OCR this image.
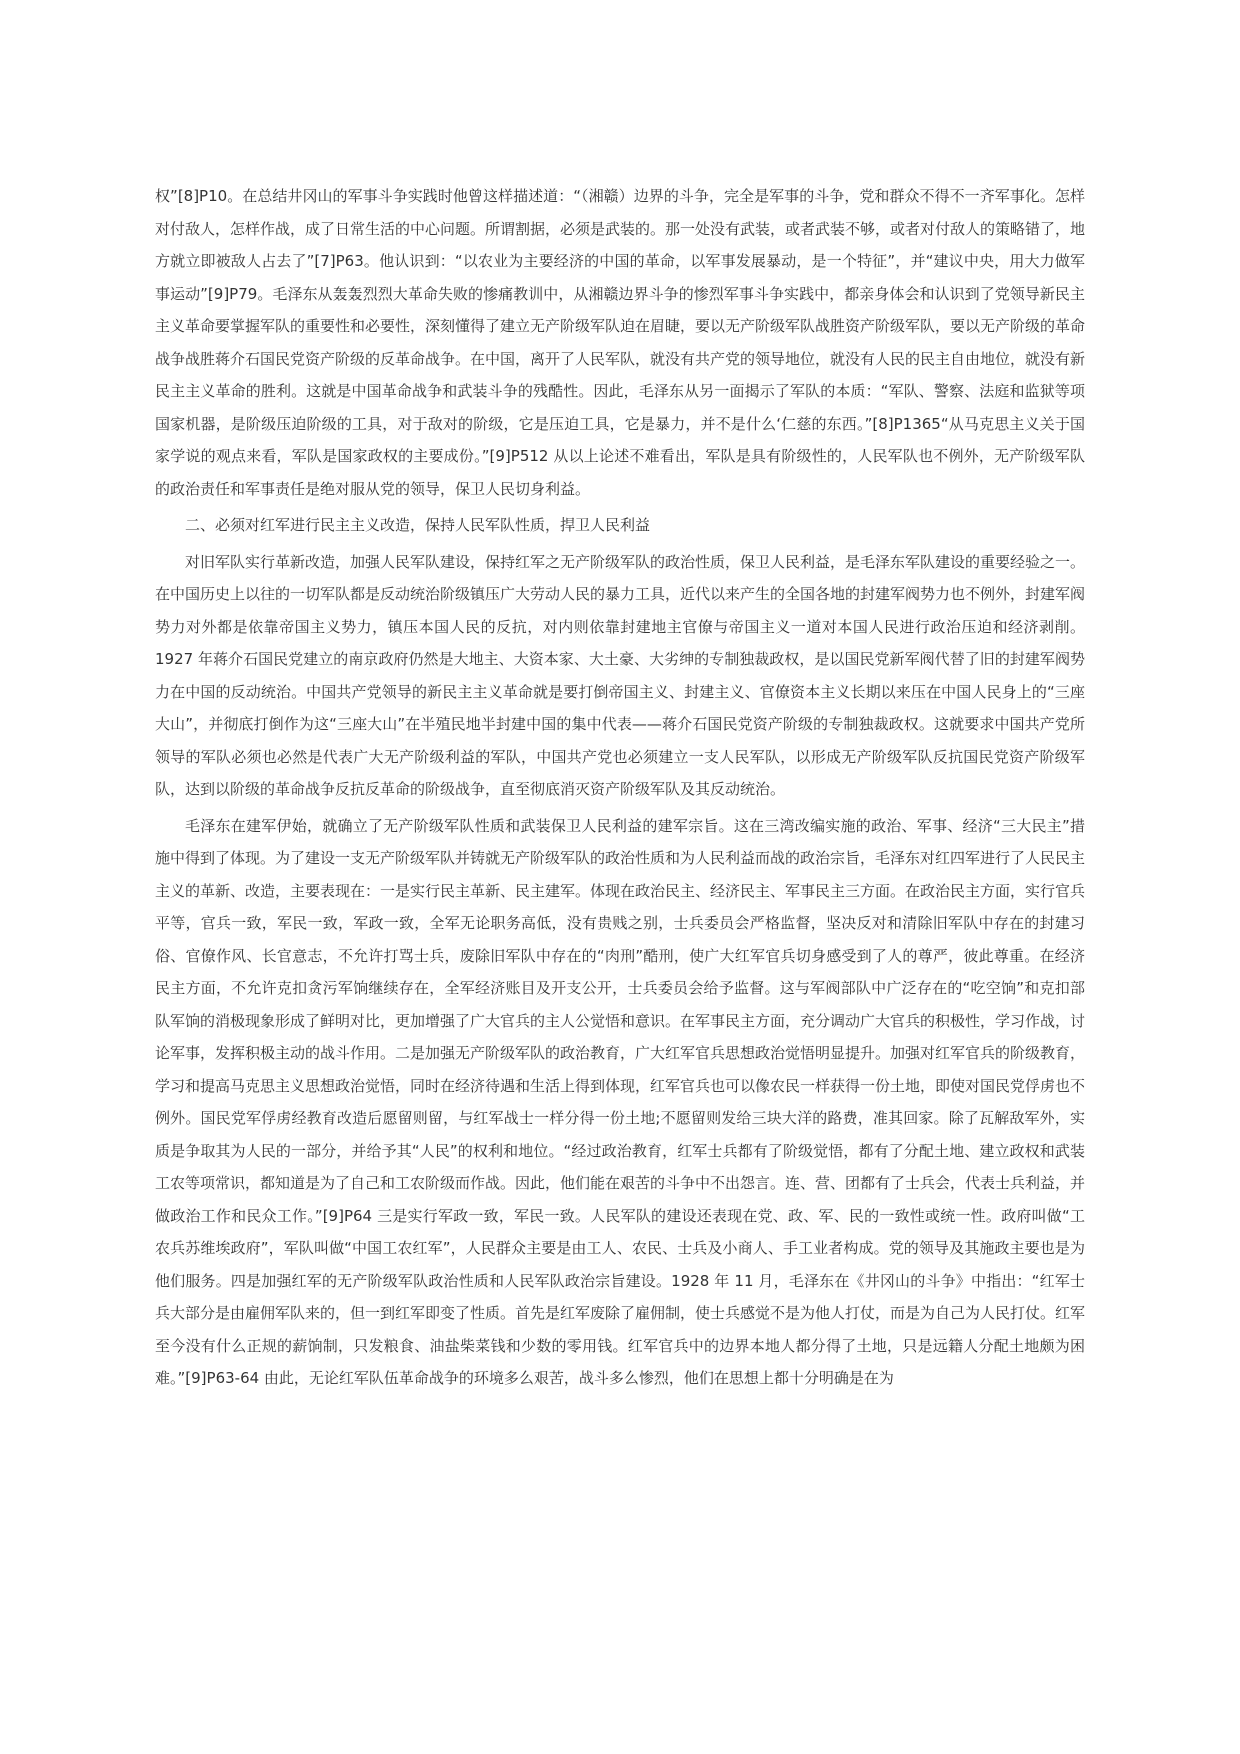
权”[8]P10。在总结井冈山的军事斗争实践时他曾这样描述道：“（湘赣）边界的斗争，完全是军事的斗争，党和群众不得不一齐军事化。怎样对付敌人，怎样作战，成了日常生活的中心问题。所谓割据，必须是武装的。那一处没有武装，或者武装不够，或者对付敌人的策略错了，地方就立即被敌人占去了”[7]P63。他认识到：“以农业为主要经济的中国的革命，以军事发展暴动，是一个特征”，并“建议中央，用大力做军事运动”[9]P79。毛泽东从轰轰烈烈大革命失败的惨痛教训中，从湘赣边界斗争的惨烈军事斗争实践中，都亲身体会和认识到了党领导新民主主义革命要掌握军队的重要性和必要性，深刻懂得了建立无产阶级军队迫在眉睫，要以无产阶级军队战胜资产阶级军队，要以无产阶级的革命战争战胜蒋介石国民党资产阶级的反革命战争。在中国，离开了人民军队，就没有共产党的领导地位，就没有人民的民主自由地位，就没有新民主主义革命的胜利。这就是中国革命战争和武装斗争的残酷性。因此，毛泽东从另一面揭示了军队的本质：“军队、警察、法庭和监狱等项国家机器，是阶级压迫阶级的工具，对于敌对的阶级，它是压迫工具，它是暴力，并不是什么‘仁慈的东西。”[8]P1365“从马克思主义关于国家学说的观点来看，军队是国家政权的主要成份。”[9]P512 从以上论述不难看出，军队是具有阶级性的，人民军队也不例外，无产阶级军队的政治责任和军事责任是绝对服从党的领导，保卫人民切身利益。

二、必须对红军进行民主主义改造，保持人民军队性质，捍卫人民利益

对旧军队实行革新改造，加强人民军队建设，保持红军之无产阶级军队的政治性质，保卫人民利益，是毛泽东军队建设的重要经验之一。在中国历史上以往的一切军队都是反动统治阶级镇压广大劳动人民的暴力工具，近代以来产生的全国各地的封建军阀势力也不例外，封建军阀势力对外都是依靠帝国主义势力，镇压本国人民的反抗，对内则依靠封建地主官僚与帝国主义一道对本国人民进行政治压迫和经济剥削。1927 年蒋介石国民党建立的南京政府仍然是大地主、大资本家、大土豪、大劣绅的专制独裁政权，是以国民党新军阀代替了旧的封建军阀势力在中国的反动统治。中国共产党领导的新民主主义革命就是要打倒帝国主义、封建主义、官僚资本主义长期以来压在中国人民身上的“三座大山”，并彻底打倒作为这“三座大山”在半殖民地半封建中国的集中代表——蒋介石国民党资产阶级的专制独裁政权。这就要求中国共产党所领导的军队必须也必然是代表广大无产阶级利益的军队，中国共产党也必须建立一支人民军队，以形成无产阶级军队反抗国民党资产阶级军队，达到以阶级的革命战争反抗反革命的阶级战争，直至彻底消灭资产阶级军队及其反动统治。

毛泽东在建军伊始，就确立了无产阶级军队性质和武装保卫人民利益的建军宗旨。这在三湾改编实施的政治、军事、经济“三大民主”措施中得到了体现。为了建设一支无产阶级军队并铸就无产阶级军队的政治性质和为人民利益而战的政治宗旨，毛泽东对红四军进行了人民民主主义的革新、改造，主要表现在：一是实行民主革新、民主建军。体现在政治民主、经济民主、军事民主三方面。在政治民主方面，实行官兵平等，官兵一致，军民一致，军政一致，全军无论职务高低，没有贵贱之别，士兵委员会严格监督，坚决反对和清除旧军队中存在的封建习俗、官僚作风、长官意志，不允许打骂士兵，废除旧军队中存在的“肉刑”酷刑，使广大红军官兵切身感受到了人的尊严，彼此尊重。在经济民主方面，不允许克扣贪污军饷继续存在，全军经济账目及开支公开，士兵委员会给予监督。这与军阀部队中广泛存在的“吃空饷”和克扣部队军饷的消极现象形成了鲜明对比，更加增强了广大官兵的主人公觉悟和意识。在军事民主方面，充分调动广大官兵的积极性，学习作战，讨论军事，发挥积极主动的战斗作用。二是加强无产阶级军队的政治教育，广大红军官兵思想政治觉悟明显提升。加强对红军官兵的阶级教育，学习和提高马克思主义思想政治觉悟，同时在经济待遇和生活上得到体现，红军官兵也可以像农民一样获得一份土地，即使对国民党俘虏也不例外。国民党军俘虏经教育改造后愿留则留，与红军战士一样分得一份土地;不愿留则发给三块大洋的路费，准其回家。除了瓦解敌军外，实质是争取其为人民的一部分，并给予其“人民”的权利和地位。“经过政治教育，红军士兵都有了阶级觉悟，都有了分配土地、建立政权和武装工农等项常识，都知道是为了自己和工农阶级而作战。因此，他们能在艰苦的斗争中不出怨言。连、营、团都有了士兵会，代表士兵利益，并做政治工作和民众工作。”[9]P64 三是实行军政一致，军民一致。人民军队的建设还表现在党、政、军、民的一致性或统一性。政府叫做“工农兵苏维埃政府”，军队叫做“中国工农红军”，人民群众主要是由工人、农民、士兵及小商人、手工业者构成。党的领导及其施政主要也是为他们服务。四是加强红军的无产阶级军队政治性质和人民军队政治宗旨建设。1928 年 11 月，毛泽东在《井冈山的斗争》中指出：“红军士兵大部分是由雇佣军队来的，但一到红军即变了性质。首先是红军废除了雇佣制，使士兵感觉不是为他人打仗，而是为自己为人民打仗。红军至今没有什么正规的薪饷制，只发粮食、油盐柴菜钱和少数的零用钱。红军官兵中的边界本地人都分得了土地，只是远籍人分配土地颇为困难。”[9]P63-64 由此，无论红军队伍革命战争的环境多么艰苦，战斗多么惨烈，他们在思想上都十分明确是在为
